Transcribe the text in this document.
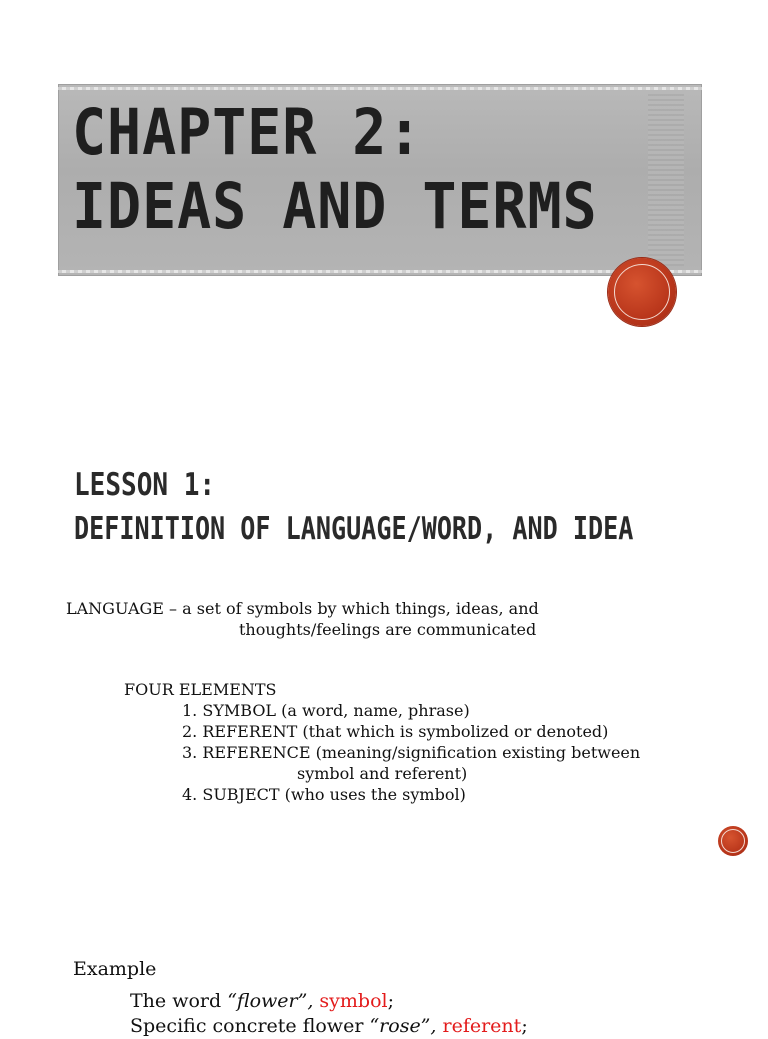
CHAPTER 2:
IDEAS AND TERMS
LESSON 1:
DEFINITION OF LANGUAGE/WORD, AND IDEA

LANGUAGE – a set of symbols by which things, ideas, and

thoughts/feelings are communicated

FOUR ELEMENTS

1. SYMBOL (a word, name, phrase)

2. REFERENT (that which is symbolized or denoted)

3. REFERENCE (meaning/signification existing between

symbol and referent)

4. SUBJECT (who uses the symbol)

Example

The word “flower”, symbol;

Specific concrete flower “rose”, referent;
